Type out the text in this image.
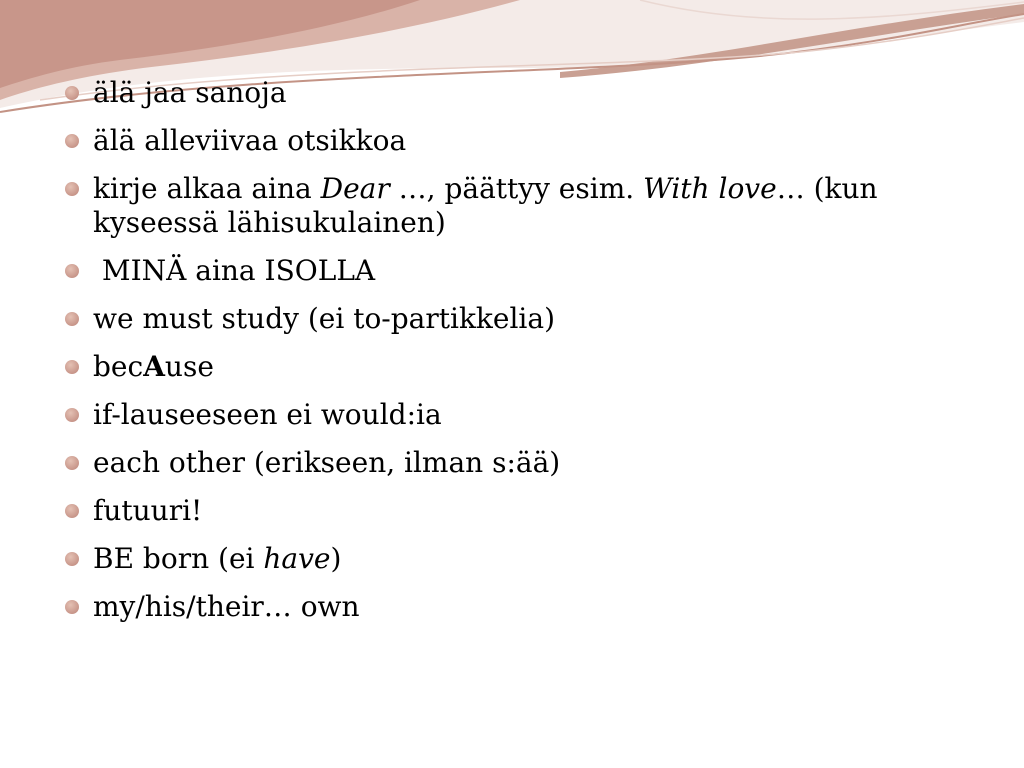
älä jaa sanoja
älä alleviivaa otsikkoa
kirje alkaa aina Dear …, päättyy esim. With love… (kun kyseessä lähisukulainen)
MINÄ aina ISOLLA
we must study (ei to-partikkelia)
becAuse
if-lauseeseen ei would:ia
each other (erikseen, ilman s:ää)
futuuri!
BE born (ei have)
my/his/their… own
